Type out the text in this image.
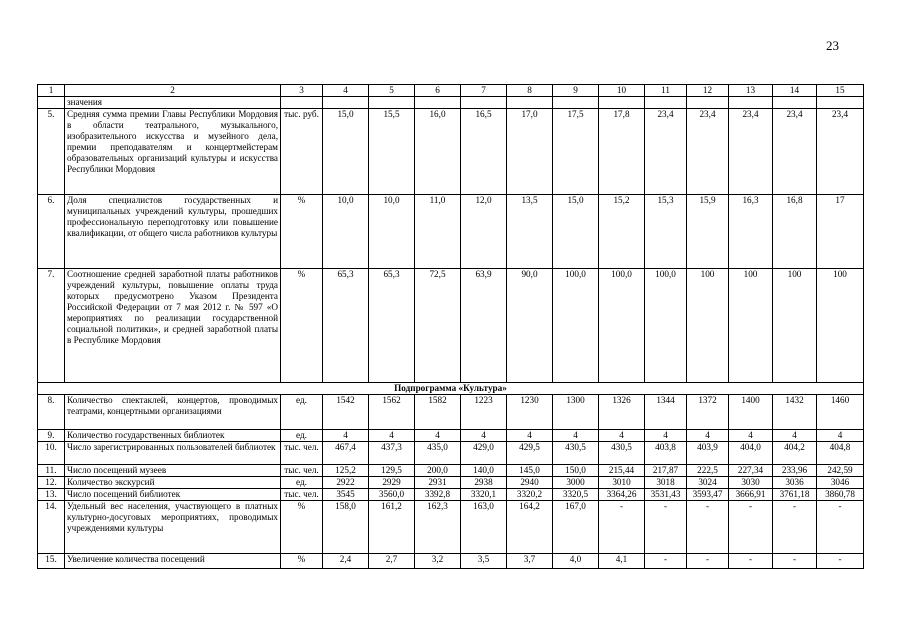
23
1	2	3	4	5	6	7	8	9	10	11	12	13	14	15
	значения													
5.	Средняя сумма премии Главы Республики Мордовия в области театрального, музыкального, изобразительного искусства и музейного дела, премии преподавателям и концертмейстерам образовательных организаций культуры и искусства Республики Мордовия	тыс. руб.	15,0	15,5	16,0	16,5	17,0	17,5	17,8	23,4	23,4	23,4	23,4	23,4
6.	Доля специалистов государственных и муниципальных учреждений культуры, прошедших профессиональную переподготовку или повышение квалификации, от общего числа работников культуры	%	10,0	10,0	11,0	12,0	13,5	15,0	15,2	15,3	15,9	16,3	16,8	17
7.	Соотношение средней заработной платы работников учреждений культуры, повышение оплаты труда которых предусмотрено Указом Президента Российской Федерации от 7 мая 2012 г. № 597 «О мероприятиях по реализации государственной социальной политики», и средней заработной платы в Республике Мордовия	%	65,3	65,3	72,5	63,9	90,0	100,0	100,0	100,0	100	100	100	100
Подпрограмма «Культура»														
8.	Количество спектаклей, концертов, проводимых театрами, концертными организациями	ед.	1542	1562	1582	1223	1230	1300	1326	1344	1372	1400	1432	1460
9.	Количество государственных библиотек	ед.	4	4	4	4	4	4	4	4	4	4	4	4
10.	Число зарегистрированных пользователей библиотек	тыс. чел.	467,4	437,3	435,0	429,0	429,5	430,5	430,5	403,8	403,9	404,0	404,2	404,8
11.	Число посещений музеев	тыс. чел.	125,2	129,5	200,0	140,0	145,0	150,0	215,44	217,87	222,5	227,34	233,96	242,59
12.	Количество экскурсий	ед.	2922	2929	2931	2938	2940	3000	3010	3018	3024	3030	3036	3046
13.	Число посещений библиотек	тыс. чел.	3545	3560,0	3392,8	3320,1	3320,2	3320,5	3364,26	3531,43	3593,47	3666,91	3761,18	3860,78
14.	Удельный вес населения, участвующего в платных культурно-досуговых мероприятиях, проводимых учреждениями культуры	%	158,0	161,2	162,3	163,0	164,2	167,0	-	-	-	-	-	-
15.	Увеличение количества посещений	%	2,4	2,7	3,2	3,5	3,7	4,0	4,1	-	-	-	-	-
